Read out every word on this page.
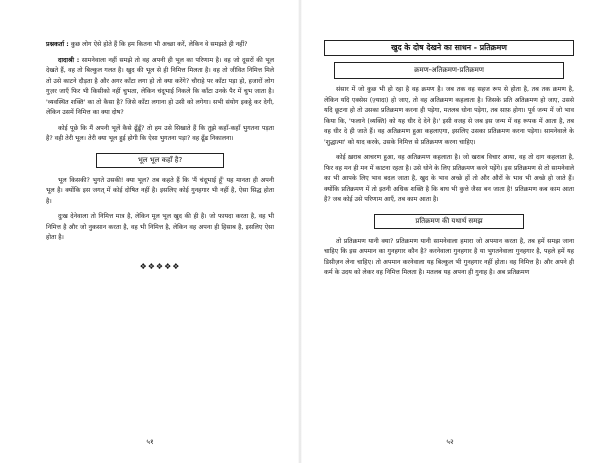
प्रश्नकर्ता : कुछ लोग ऐसे होते हैं कि हम कितना भी अच्छा करें, लेकिन वे समझते ही नहीं?

दादाश्री : सामनेवाला नहीं समझे तो वह अपनी ही भूल का परिणाम है। वह जो दूसरों की भूल देखते हैं, वह तो बिल्कुल गलत है। खुद की भूल से ही निमित्त मिलता है। वह तो जीवित निमित्त मिले तो उसे काटने दौड़ता है और अगर काँटा लगा हो तो क्या करेंगे? चौराहे पर काँटा पड़ा हो, हजारों लोग गुज़र जाएँ फिर भी किसीको नहीं चुभता, लेकिन चंदूभाई निकले कि काँटा उनके पैर में चुभ जाता है। 'व्यवस्थित शक्ति' का तो कैसा है? जिसे काँटा लगाना हो उसी को लगेगा। सभी संयोग इकट्ठे कर देगी, लेकिन उसमें निमित्त का क्या दोष?

कोई पूछे कि मैं अपनी भूलें कैसे ढूँढूँ? तो हम उसे सिखाते हैं कि तुझे कहाँ-कहाँ भुगतना पड़ता है? वही तेरी भूल। तेरी क्या भूल हुई होगी कि ऐसा भुगतना पड़ा? वह ढूँढ निकालना।

भूल भूल कहाँ है?

भूल किसकी? भुगते उसकी! क्या भूल? तब कहते हैं कि 'मैं चंदूभाई हूँ' यह मानता ही अपनी भूल है। क्योंकि इस जगत् में कोई दोषित नहीं है। इसलिए कोई गुनहगार भी नहीं है, ऐसा सिद्ध होता है।

दुःख देनेवाला तो निमित्त मात्र है, लेकिन मूल भूल खुद की ही है। जो फायदा करता है, वह भी निमित्त है और जो नुकसान करता है, वह भी निमित्त है, लेकिन वह अपना ही हिसाब है, इसलिए ऐसा होता है।

❖❖❖❖❖
५१
खुद के दोष देखने का साधन - प्रतिक्रमण
क्रमण-अतिक्रमण-प्रतिक्रमण

संसार में जो कुछ भी हो रहा है वह क्रमण है। जब तक वह सहज रूप से होता है, तब तक क्रमण है, लेकिन यदि एक्सेस (ज़्यादा) हो जाए, तो वह अतिक्रमण कहलाता है। जिसके प्रति अतिक्रमण हो जाए, उससे यदि छूटना हो तो उसका प्रतिक्रमण करना ही पड़ेगा, मतलब धोना पड़ेगा, तब साफ़ होगा। पूर्व जन्म में जो भाव किया कि, 'फलाने (व्यक्ति) को यह धीर दे देने है।' इसी वजह से जब इस जन्म में वह रूपक में आता है, तब वह धीर दे ही जाते हैं। वह अतिक्रमण हुआ कहलाएगा, इसलिए उसका प्रतिक्रमण करना पड़ेगा। सामनेवाले के 'शुद्धात्मा' को याद करके, उसके निमित्त से प्रतिक्रमण करना चाहिए।

कोई ख़राब आचरण हुआ, वह अतिक्रमण कहलाता है। जो खराब विचार आया, वह तो दाग कहलाता है, फिर वह मन ही मन में काटना रहता है। उसे धोने के लिए प्रतिक्रमण करने पड़ेंगे। इस प्रतिक्रमण से तो सामनेवाले का भी आपके लिए भाव बदल जाता है, खुद के भाव अच्छे हों तो और औरों के भाव भी अच्छे हो जाते हैं। क्योंकि प्रतिक्रमण में तो इतनी अधिक शक्ति है कि बाघ भी कुत्ते जैसा बन जाता है! प्रतिक्रमण कब काम आता है? जब कोई उसे परिणाम आएँ, तब काम आता है।

प्रतिक्रमण की यथार्थ समझ

तो प्रतिक्रमण यानी क्या? प्रतिक्रमण यानी सामनेवाला हमारा जो अपमान करता है, तब हमें समझ जाना चाहिए कि इस अपमान का गुनहगार कौन है? करनेवाला गुनहगार है या भुगतनेवाला गुनहगार है, पहले हमें यह डिसीज़न लेना चाहिए। तो अपमान करनेवाला यह बिल्कुल भी गुनहगार नहीं होता। वह निमित्त है। और अपने ही कर्म के उदय को लेकर वह निमित्त मिलता है। मतलब यह अपना ही गुनाह है। अब प्रतिक्रमण

५२
